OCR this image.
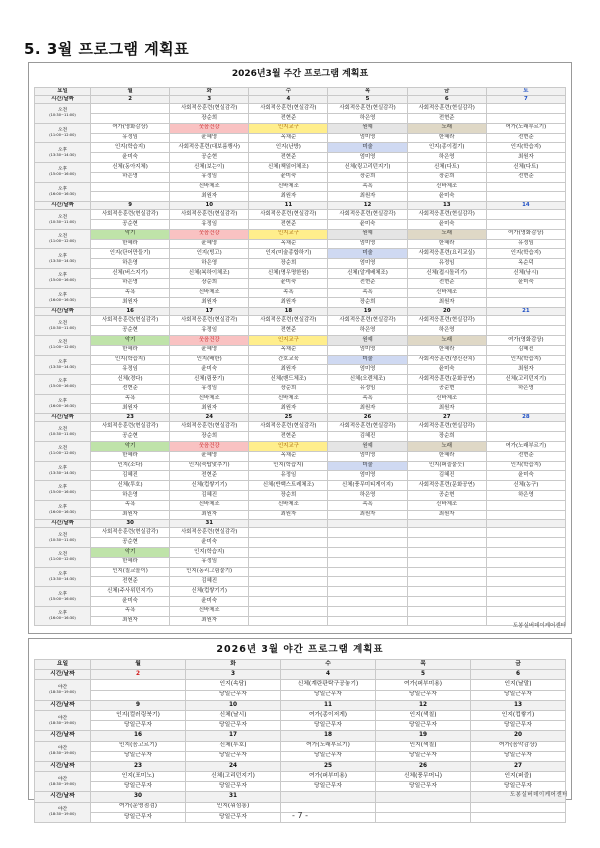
5. 3월 프로그램 계획표
2026년3월 주간 프로그램 계획표
요일	월	화	수	목	금	토
시간/날짜	2	3	4	5	6	7
오전
(10:30~11:00)		사회적응훈련(현실감각)	사회적응훈련(현실감각)	사회적응훈련(현실감각)	사회적응훈련(현실감각)	
		장순희	전현준	하은영	전현준	
오전
(11:00~12:00)	여가(영화감상)	웃음건강	인지교구	원예	노래	여가(노래부르기)
	유정임	윤혜영	옥채순	엄미영	한혜라	전현준
오후
(13:30~14:30)	인지(학습지)	사회적응훈련(대보름행사)	인지(난방)	미술	인지(종이접기)	인지(학습지)
	윤미숙	공순현	전현준	엄미영	하은영	최원자
오후
(15:00~16:00)	신체(동아지체)	신체(보는이)	신체(책읽어체조)	신체(링고리던지기)	신체(다트)	신체(다트)
	하은영	유정임	윤미숙	장순희	장순희	전현준
오후
(16:00~16:30)		신바체조	신바체조	족욕	신바체조	
		최원자	최원자	최원자	윤미숙	
시간/날짜	9	10	11	12	13	14
오전
(10:30~11:00)	사회적응훈련(현실감각)	사회적응훈련(현실감각)	사회적응훈련(현실감각)	사회적응훈련(현실감각)	사회적응훈련(현실감각)	
	공순현	유정임	전현준	윤미숙	윤미숙	
오전
(11:00~12:00)	악기	웃음건강	인지교구	원예	노래	여가(영화감상)
	한혜라	윤혜영	옥채순	엄미영	한혜라	유정임
오후
(13:30~14:30)	인지(단어만들기)	인지(빙고)	인지(미술종합하기)	미술	사회적응훈련(요리교실)	인지(학습지)
	하은영	하은영	장순희	엄미영	유정임	옥순덕
오후
(15:00~16:00)	신체(버스지기)	신체(복하이체조)	신체(명우명한원)	신체(알게배체조)	신체(접시돌리기)	신체(낚시)
	하은영	장순희	윤미숙	전현준	전현준	윤미숙
오후
(16:00~16:30)	족욕	신바체조	족욕	족욕	신바체조	
	최원자	최원자	최원자	장순희	최원자	
시간/날짜	16	17	18	19	20	21
오전
(10:30~11:00)	사회적응훈련(현실감각)	사회적응훈련(현실감각)	사회적응훈련(현실감각)	사회적응훈련(현실감각)	사회적응훈련(현실감각)	
	공순현	유정임	전현준	하은영	하은영	
오전
(11:00~12:00)	악기	웃음건강	인지교구	원예	노래	여가(영화감상)
	한혜라	윤혜영	옥채순	엄미영	한혜라	김혜진
오후
(13:30~14:30)	인지(학습지)	인지(배한)	간호교육	미술	사회적응훈련(생신잔치)	인지(학습지)
	유정임	윤미숙	최원자	엄미영	윤미숙	최원자
오후
(15:00~16:00)	신체(경다)	신체(림풍기)	신체(밴드체조)	신체(오렌체조)	사회적응훈련(문화공연)	신체(고리던지기)
	전현준	유정임	장순희	유정임	공순현	하은영
오후
(16:00~16:30)	족욕	신바체조	신바체조	족욕	신바체조	
	최원자	최원자	최원자	최원자	최원자	
시간/날짜	23	24	25	26	27	28
오전
(10:30~11:00)	사회적응훈련(현실감각)	사회적응훈련(현실감각)	사회적응훈련(현실감각)	사회적응훈련(현실감각)	사회적응훈련(현실감각)	
	공순현	장순희	전현준	김혜진	장순희	
오전
(11:00~12:00)	악기	웃음건강	인지교구	원예	노래	여가(노래부르기)
	한혜라	윤혜영	옥채순	엄미영	한혜라	전현준
오후
(13:30~14:30)	인지(소다)	인지(숙탑맞추기)	인지(학습지)	미술	인지(퍼즐붙듯)	인지(학습지)
	김혜진	전현준	유정임	엄미영	김혜진	윤미숙
오후
(15:00~16:00)	신체(투호)	신체(컵쌓기기)	신체(반백스트레체조)	신체(풍무미티게이지)	사회적응훈련(문화공연)	신체(농구)
	하은영	김혜진	장순희	하은영	공순현	하은영
오후
(16:00~16:30)	족욕	신바체조	신바체조	족욕	신바체조	
	최원자	최원자	최원자	최원자	최원자	
시간/날짜	30	31				
오전
(10:30~11:00)	사회적응훈련(현실감각)	사회적응훈련(현실감각)				
	공순현	윤미숙				
오전
(11:00~12:00)	악기	인지(학습지)				
	한혜라	유정임				
오후
(13:30~14:30)	인지(칠교놀이)	인지(동리그림붙기)				
	전현준	김혜진				
오후
(15:00~16:00)	신체(주사위던지기)	신체(컵쌓기기)				
	윤미숙	윤미숙				
오후
(16:00~16:30)	족욕	신바체조				
	최원자	최원자				
도봉실버데이케어센터
2026년 3월 야간 프로그램 계획표
요일	월	화	수	목	금
시간/날짜	2	3	4	5	6
야간
(18:30~19:00)		인지(속담)	신체(계란판탁구공놓기)	여가(퍼부미용)	인지(날말)
		당일근무자	당일근무자	당일근무자	당일근무자
시간/날짜	9	10	11	12	13
야간
(18:30~19:00)	인지(컬러링북기)	신체(날시)	여가(종이저게)	인지(색칠)	인지(컵쌓기)
	당일근무자	당일근무자	당일근무자	당일근무자	당일근무자
시간/날짜	16	17	18	19	20
야간
(18:30~19:00)	인지(음고르기)	신체(투호)	여가(노래부르기)	인지(색칠)	여가(음악감상)
	당일근무자	당일근무자	당일근무자	당일근무자	당일근무자
시간/날짜	23	24	25	26	27
야간
(18:30~19:00)	인지(포미노)	신체(고리던지기)	여가(퍼부미용)	신체(풍무머니)	인지(퍼즐)
	당일근무자	당일근무자	당일근무자	당일근무자	당일근무자
시간/날짜	30	31			
야간
(18:30~19:00)	여가(운영점검)	인지(워섬롱)			
	당일근무자	당일근무자			
도봉실버데이케어센터
- 7 -
